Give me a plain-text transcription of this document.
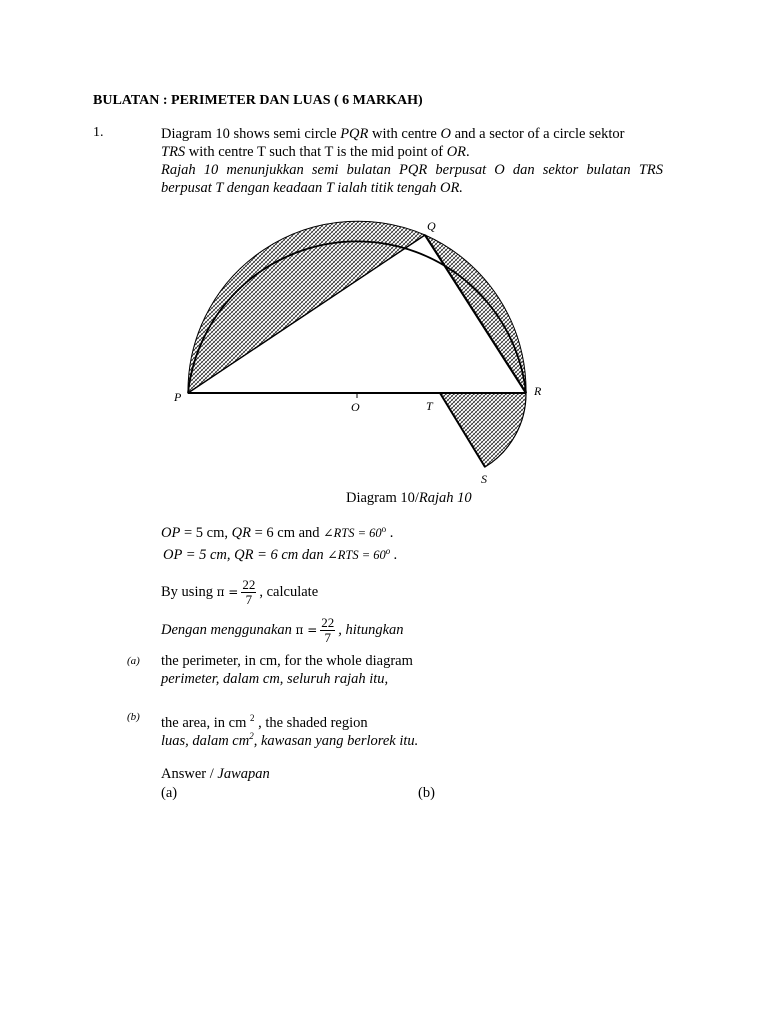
BULATAN : PERIMETER DAN LUAS ( 6 MARKAH)
1.	Diagram 10 shows semi circle PQR with centre O and a sector of a circle sektor
TRS with centre T such that T is the mid point of OR.
Rajah 10 menunjukkan semi bulatan PQR berpusat O dan sektor bulatan TRS
berpusat T dengan keadaan T ialah titik tengah OR.
Q
P	R
O	T
S
Diagram 10/Rajah 10
OP = 5 cm, QR = 6 cm and ∠RTS = $60^o$ .
OP = 5 cm, QR = 6 cm dan ∠RTS = $60^o$ .
By using $\pi = \frac{22}{7}$ , calculate
Dengan menggunakan $\pi = \frac{22}{7}$ , hitungkan
(a) the perimeter, in cm, for the whole diagram
perimeter, dalam cm, seluruh rajah itu,
(b) the area, in cm $^2$ , the shaded region
luas, dalam $cm^2$, kawasan yang berlorek itu.
Answer / Jawapan
(a)	(b)
